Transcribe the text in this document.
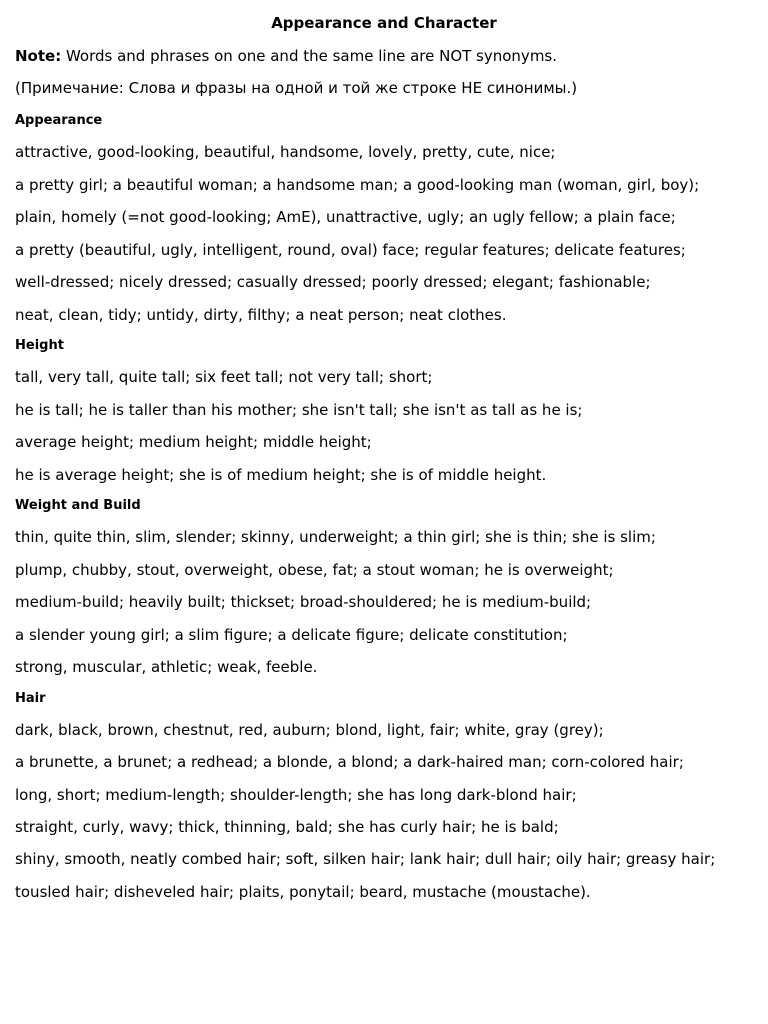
Appearance and Character

Note: Words and phrases on one and the same line are NOT synonyms.

(Примечание: Слова и фразы на одной и той же строке НЕ синонимы.)

Appearance
attractive, good-looking, beautiful, handsome, lovely, pretty, cute, nice;
a pretty girl; a beautiful woman; a handsome man; a good-looking man (woman, girl, boy);
plain, homely (=not good-looking; AmE), unattractive, ugly; an ugly fellow; a plain face;
a pretty (beautiful, ugly, intelligent, round, oval) face; regular features; delicate features;
well-dressed; nicely dressed; casually dressed; poorly dressed; elegant; fashionable;
neat, clean, tidy; untidy, dirty, filthy; a neat person; neat clothes.
Height
tall, very tall, quite tall; six feet tall; not very tall; short;
he is tall; he is taller than his mother; she isn't tall; she isn't as tall as he is;
average height; medium height; middle height;
he is average height; she is of medium height; she is of middle height.
Weight and Build
thin, quite thin, slim, slender; skinny, underweight; a thin girl; she is thin; she is slim;
plump, chubby, stout, overweight, obese, fat; a stout woman; he is overweight;
medium-build; heavily built; thickset; broad-shouldered; he is medium-build;
a slender young girl; a slim figure; a delicate figure; delicate constitution;
strong, muscular, athletic; weak, feeble.
Hair
dark, black, brown, chestnut, red, auburn; blond, light, fair; white, gray (grey);
a brunette, a brunet; a redhead; a blonde, a blond; a dark-haired man; corn-colored hair;
long, short; medium-length; shoulder-length; she has long dark-blond hair;
straight, curly, wavy; thick, thinning, bald; she has curly hair; he is bald;
shiny, smooth, neatly combed hair; soft, silken hair; lank hair; dull hair; oily hair; greasy hair;
tousled hair; disheveled hair; plaits, ponytail; beard, mustache (moustache).
